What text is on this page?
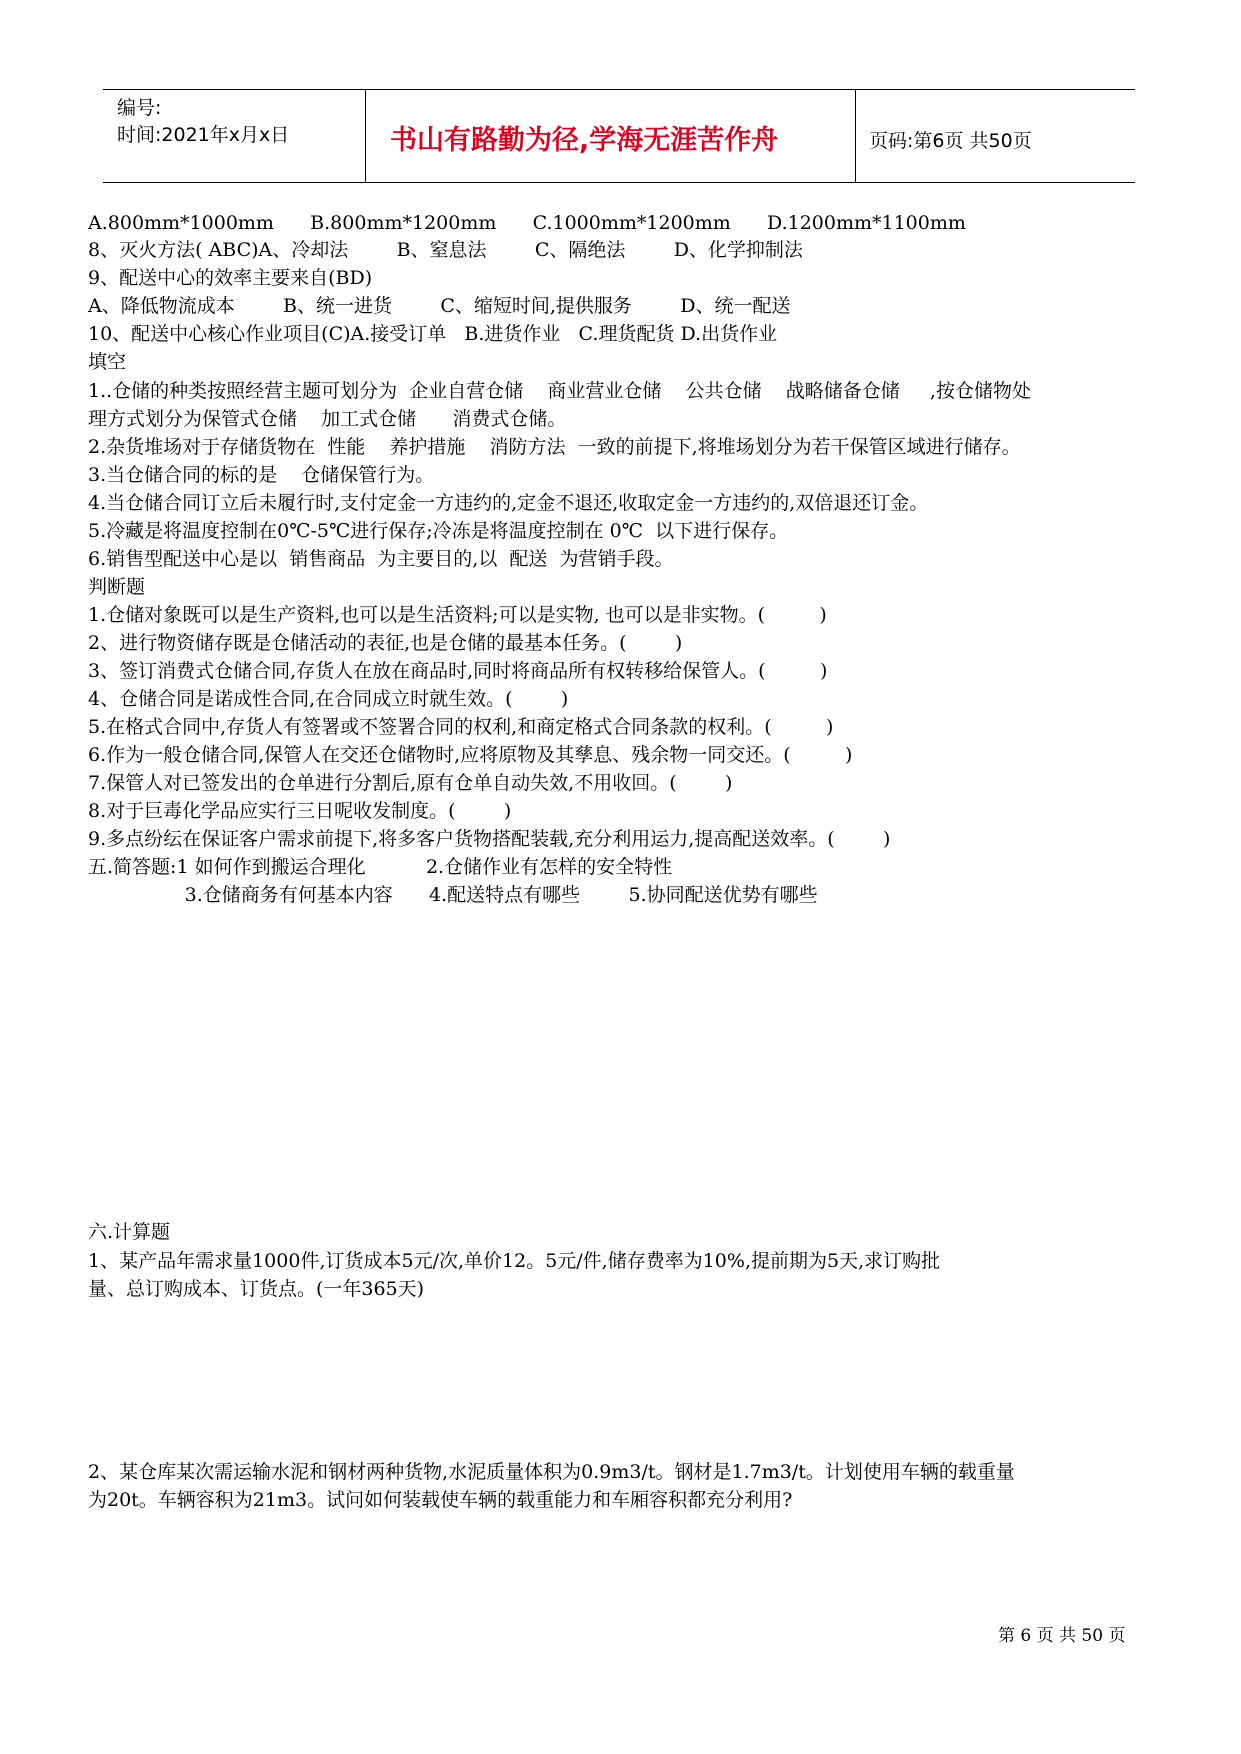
编号:
时间:2021年x月x日	书山有路勤为径,学海无涯苦作舟	页码:第6页 共50页
A.800mm*1000mm      B.800mm*1200mm      C.1000mm*1200mm      D.1200mm*1100mm
8、灭火方法( ABC)A、冷却法        B、窒息法        C、隔绝法        D、化学抑制法
9、配送中心的效率主要来自(BD)
A、降低物流成本        B、统一进货        C、缩短时间,提供服务        D、统一配送
10、配送中心核心作业项目(C)A.接受订单   B.进货作业   C.理货配货 D.出货作业
填空
1..仓储的种类按照经营主题可划分为  企业自营仓储    商业营业仓储    公共仓储    战略储备仓储     ,按仓储物处
理方式划分为保管式仓储    加工式仓储      消费式仓储。
2.杂货堆场对于存储货物在  性能    养护措施    消防方法  一致的前提下,将堆场划分为若干保管区域进行储存。
3.当仓储合同的标的是    仓储保管行为。
4.当仓储合同订立后未履行时,支付定金一方违约的,定金不退还,收取定金一方违约的,双倍退还订金。
5.冷藏是将温度控制在0℃-5℃进行保存;冷冻是将温度控制在 0℃  以下进行保存。
6.销售型配送中心是以  销售商品  为主要目的,以  配送  为营销手段。
判断题
1.仓储对象既可以是生产资料,也可以是生活资料;可以是实物, 也可以是非实物。(         )
2、进行物资储存既是仓储活动的表征,也是仓储的最基本任务。(        )
3、签订消费式仓储合同,存货人在放在商品时,同时将商品所有权转移给保管人。(         )
4、仓储合同是诺成性合同,在合同成立时就生效。(        )
5.在格式合同中,存货人有签署或不签署合同的权利,和商定格式合同条款的权利。(         )
6.作为一般仓储合同,保管人在交还仓储物时,应将原物及其孳息、残余物一同交还。(         )
7.保管人对已签发出的仓单进行分割后,原有仓单自动失效,不用收回。(        )
8.对于巨毒化学品应实行三日呢收发制度。(        )
9.多点纷纭在保证客户需求前提下,将多客户货物搭配装载,充分利用运力,提高配送效率。(        )
五.简答题:1 如何作到搬运合理化          2.仓储作业有怎样的安全特性
3.仓储商务有何基本内容      4.配送特点有哪些        5.协同配送优势有哪些
六.计算题
1、某产品年需求量1000件,订货成本5元/次,单价12。5元/件,储存费率为10%,提前期为5天,求订购批
量、总订购成本、订货点。(一年365天)
2、某仓库某次需运输水泥和钢材两种货物,水泥质量体积为0.9m3/t。钢材是1.7m3/t。计划使用车辆的载重量
为20t。车辆容积为21m3。试问如何装载使车辆的载重能力和车厢容积都充分利用?
第 6 页 共 50 页
